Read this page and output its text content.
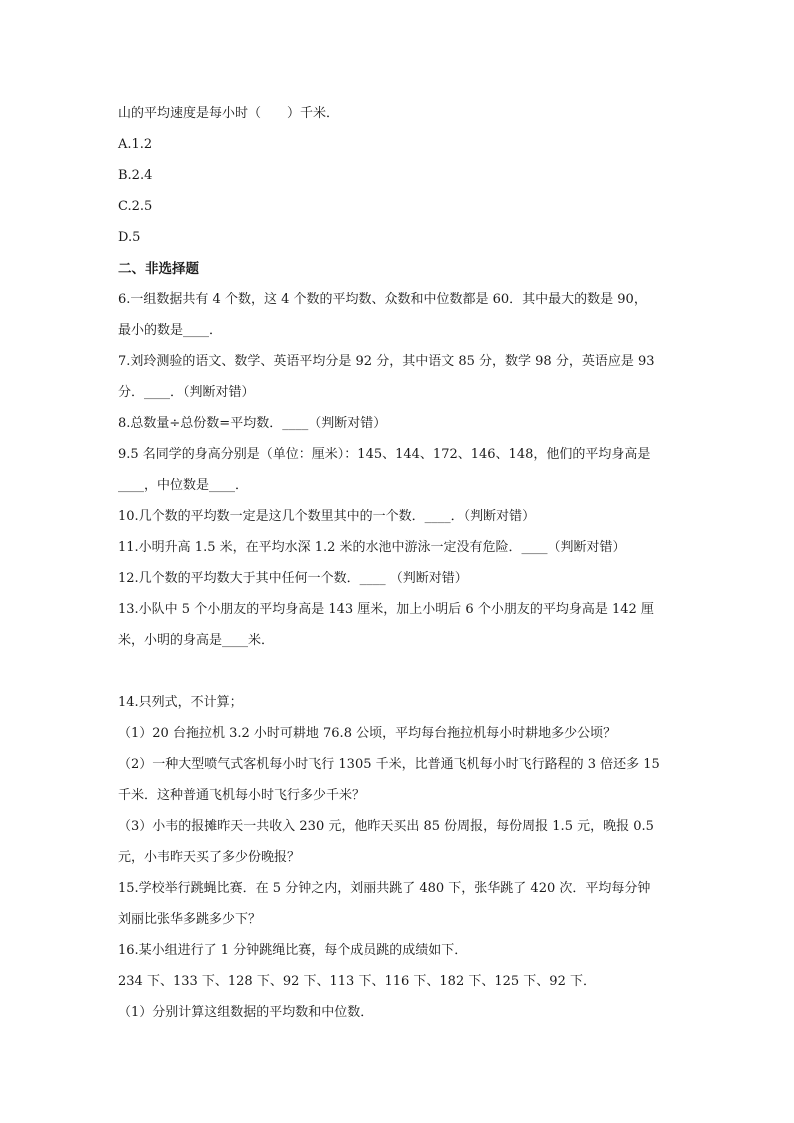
山的平均速度是每小时（　　）千米．
A.1.2
B.2.4
C.2.5
D.5
二、非选择题
6.一组数据共有 4 个数，这 4 个数的平均数、众数和中位数都是 60．其中最大的数是 90，
最小的数是____．
7.刘玲测验的语文、数学、英语平均分是 92 分，其中语文 85 分，数学 98 分，英语应是 93
分．____．（判断对错）
8.总数量÷总份数=平均数．____（判断对错）
9.5 名同学的身高分别是（单位：厘米）：145、144、172、146、148，他们的平均身高是
____，中位数是____．
10.几个数的平均数一定是这几个数里其中的一个数．____．（判断对错）
11.小明升高 1.5 米，在平均水深 1.2 米的水池中游泳一定没有危险．____（判断对错）
12.几个数的平均数大于其中任何一个数．____ （判断对错）
13.小队中 5 个小朋友的平均身高是 143 厘米，加上小明后 6 个小朋友的平均身高是 142 厘
米，小明的身高是____米．
14.只列式，不计算；
（1）20 台拖拉机 3.2 小时可耕地 76.8 公顷，平均每台拖拉机每小时耕地多少公顷？
（2）一种大型喷气式客机每小时飞行 1305 千米，比普通飞机每小时飞行路程的 3 倍还多 15
千米．这种普通飞机每小时飞行多少千米？
（3）小韦的报摊昨天一共收入 230 元，他昨天买出 85 份周报，每份周报 1.5 元，晚报 0.5
元，小韦昨天买了多少份晚报？
15.学校举行跳蝇比赛．在 5 分钟之内，刘丽共跳了 480 下，张华跳了 420 次．平均每分钟
刘丽比张华多跳多少下？
16.某小组进行了 1 分钟跳绳比赛，每个成员跳的成绩如下．
234 下、133 下、128 下、92 下、113 下、116 下、182 下、125 下、92 下．
（1）分别计算这组数据的平均数和中位数．
